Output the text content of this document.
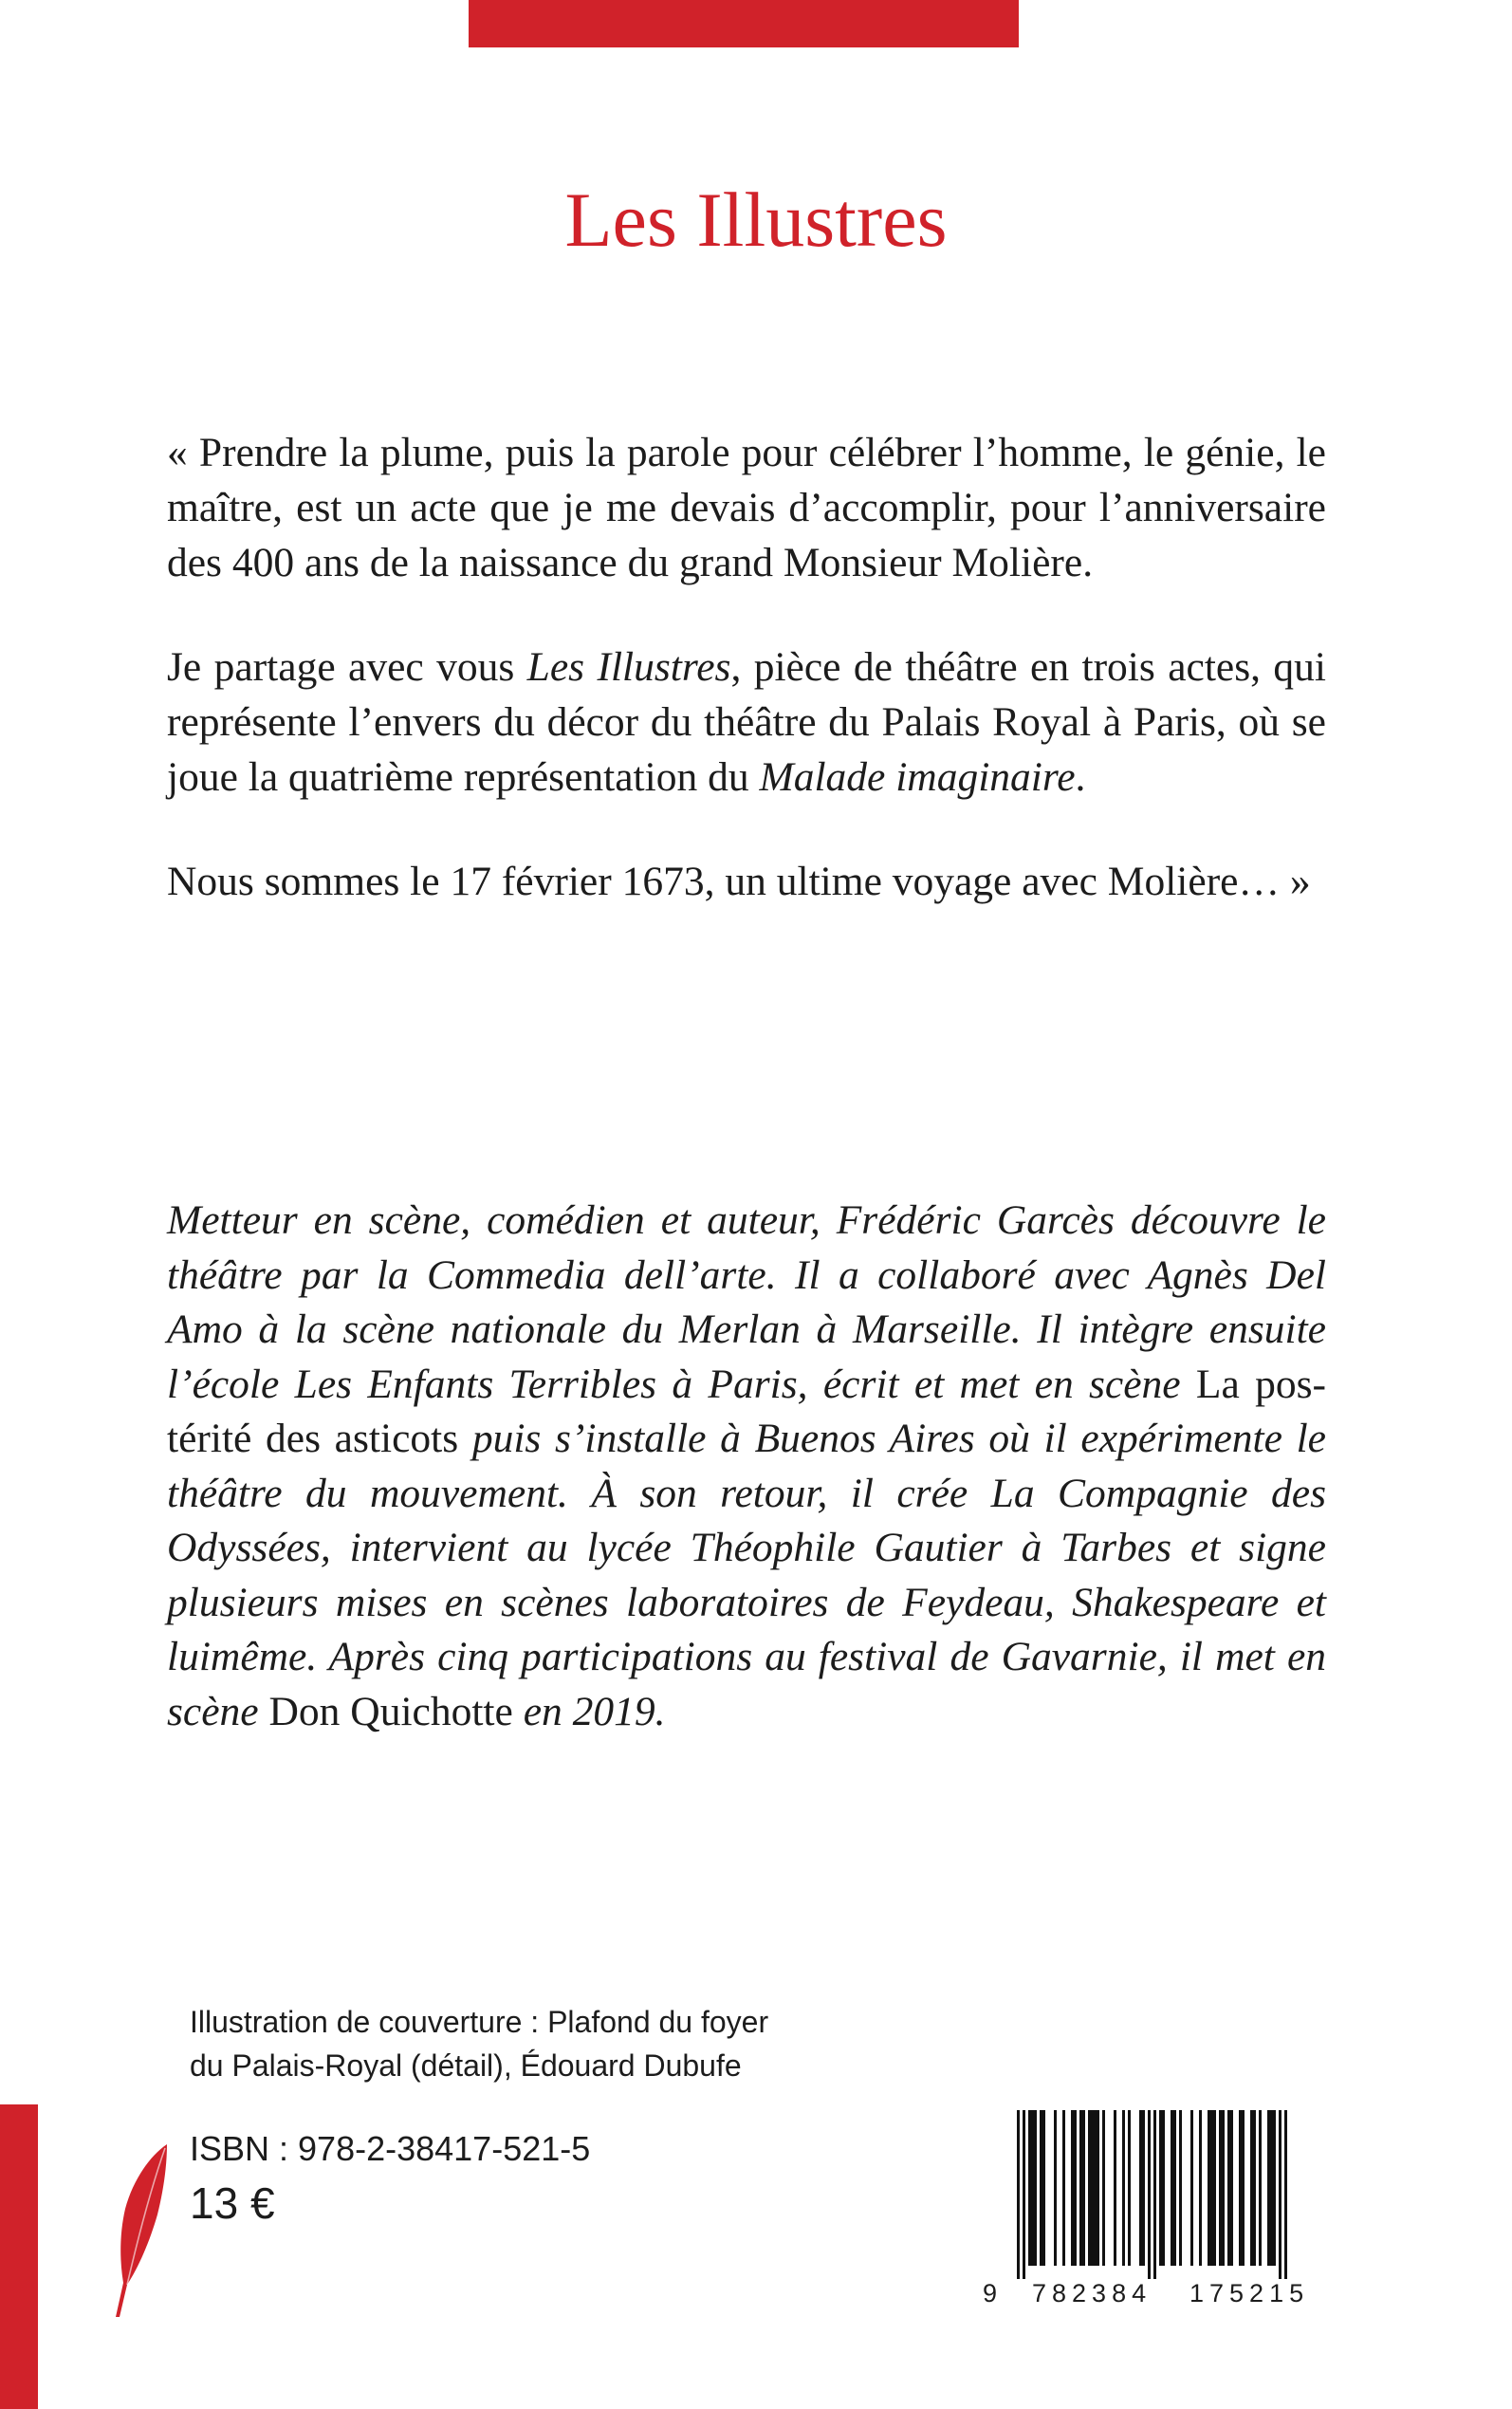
Les Illustres

« Prendre la plume, puis la parole pour célébrer l’homme, le génie, le maître, est un acte que je me devais d’accomplir, pour l’anniversaire des 400 ans de la naissance du grand Monsieur Molière.

Je partage avec vous Les Illustres, pièce de théâtre en trois actes, qui représente l’envers du décor du théâtre du Palais Royal à Paris, où se joue la quatrième représentation du Malade imaginaire.

Nous sommes le 17 février 1673, un ultime voyage avec Molière… »

Metteur en scène, comédien et auteur, Frédéric Garcès découvre le théâtre par la Commedia dell’arte. Il a collaboré avec Agnès Del Amo à la scène nationale du Merlan à Marseille. Il intègre ensuite l’école Les Enfants Terribles à Paris, écrit et met en scène La postérité des asticots puis s’installe à Buenos Aires où il expérimente le théâtre du mouvement. À son retour, il crée La Compagnie des Odyssées, intervient au lycée Théophile Gautier à Tarbes et signe plusieurs mises en scènes laboratoires de Feydeau, Shakespeare et luimême. Après cinq participations au festival de Gavarnie, il met en scène Don Quichotte en 2019.
Illustration de couverture : Plafond du foyer
du Palais-Royal (détail), Édouard Dubufe
ISBN : 978-2-38417-521-5
13 €
9 782384 175215
